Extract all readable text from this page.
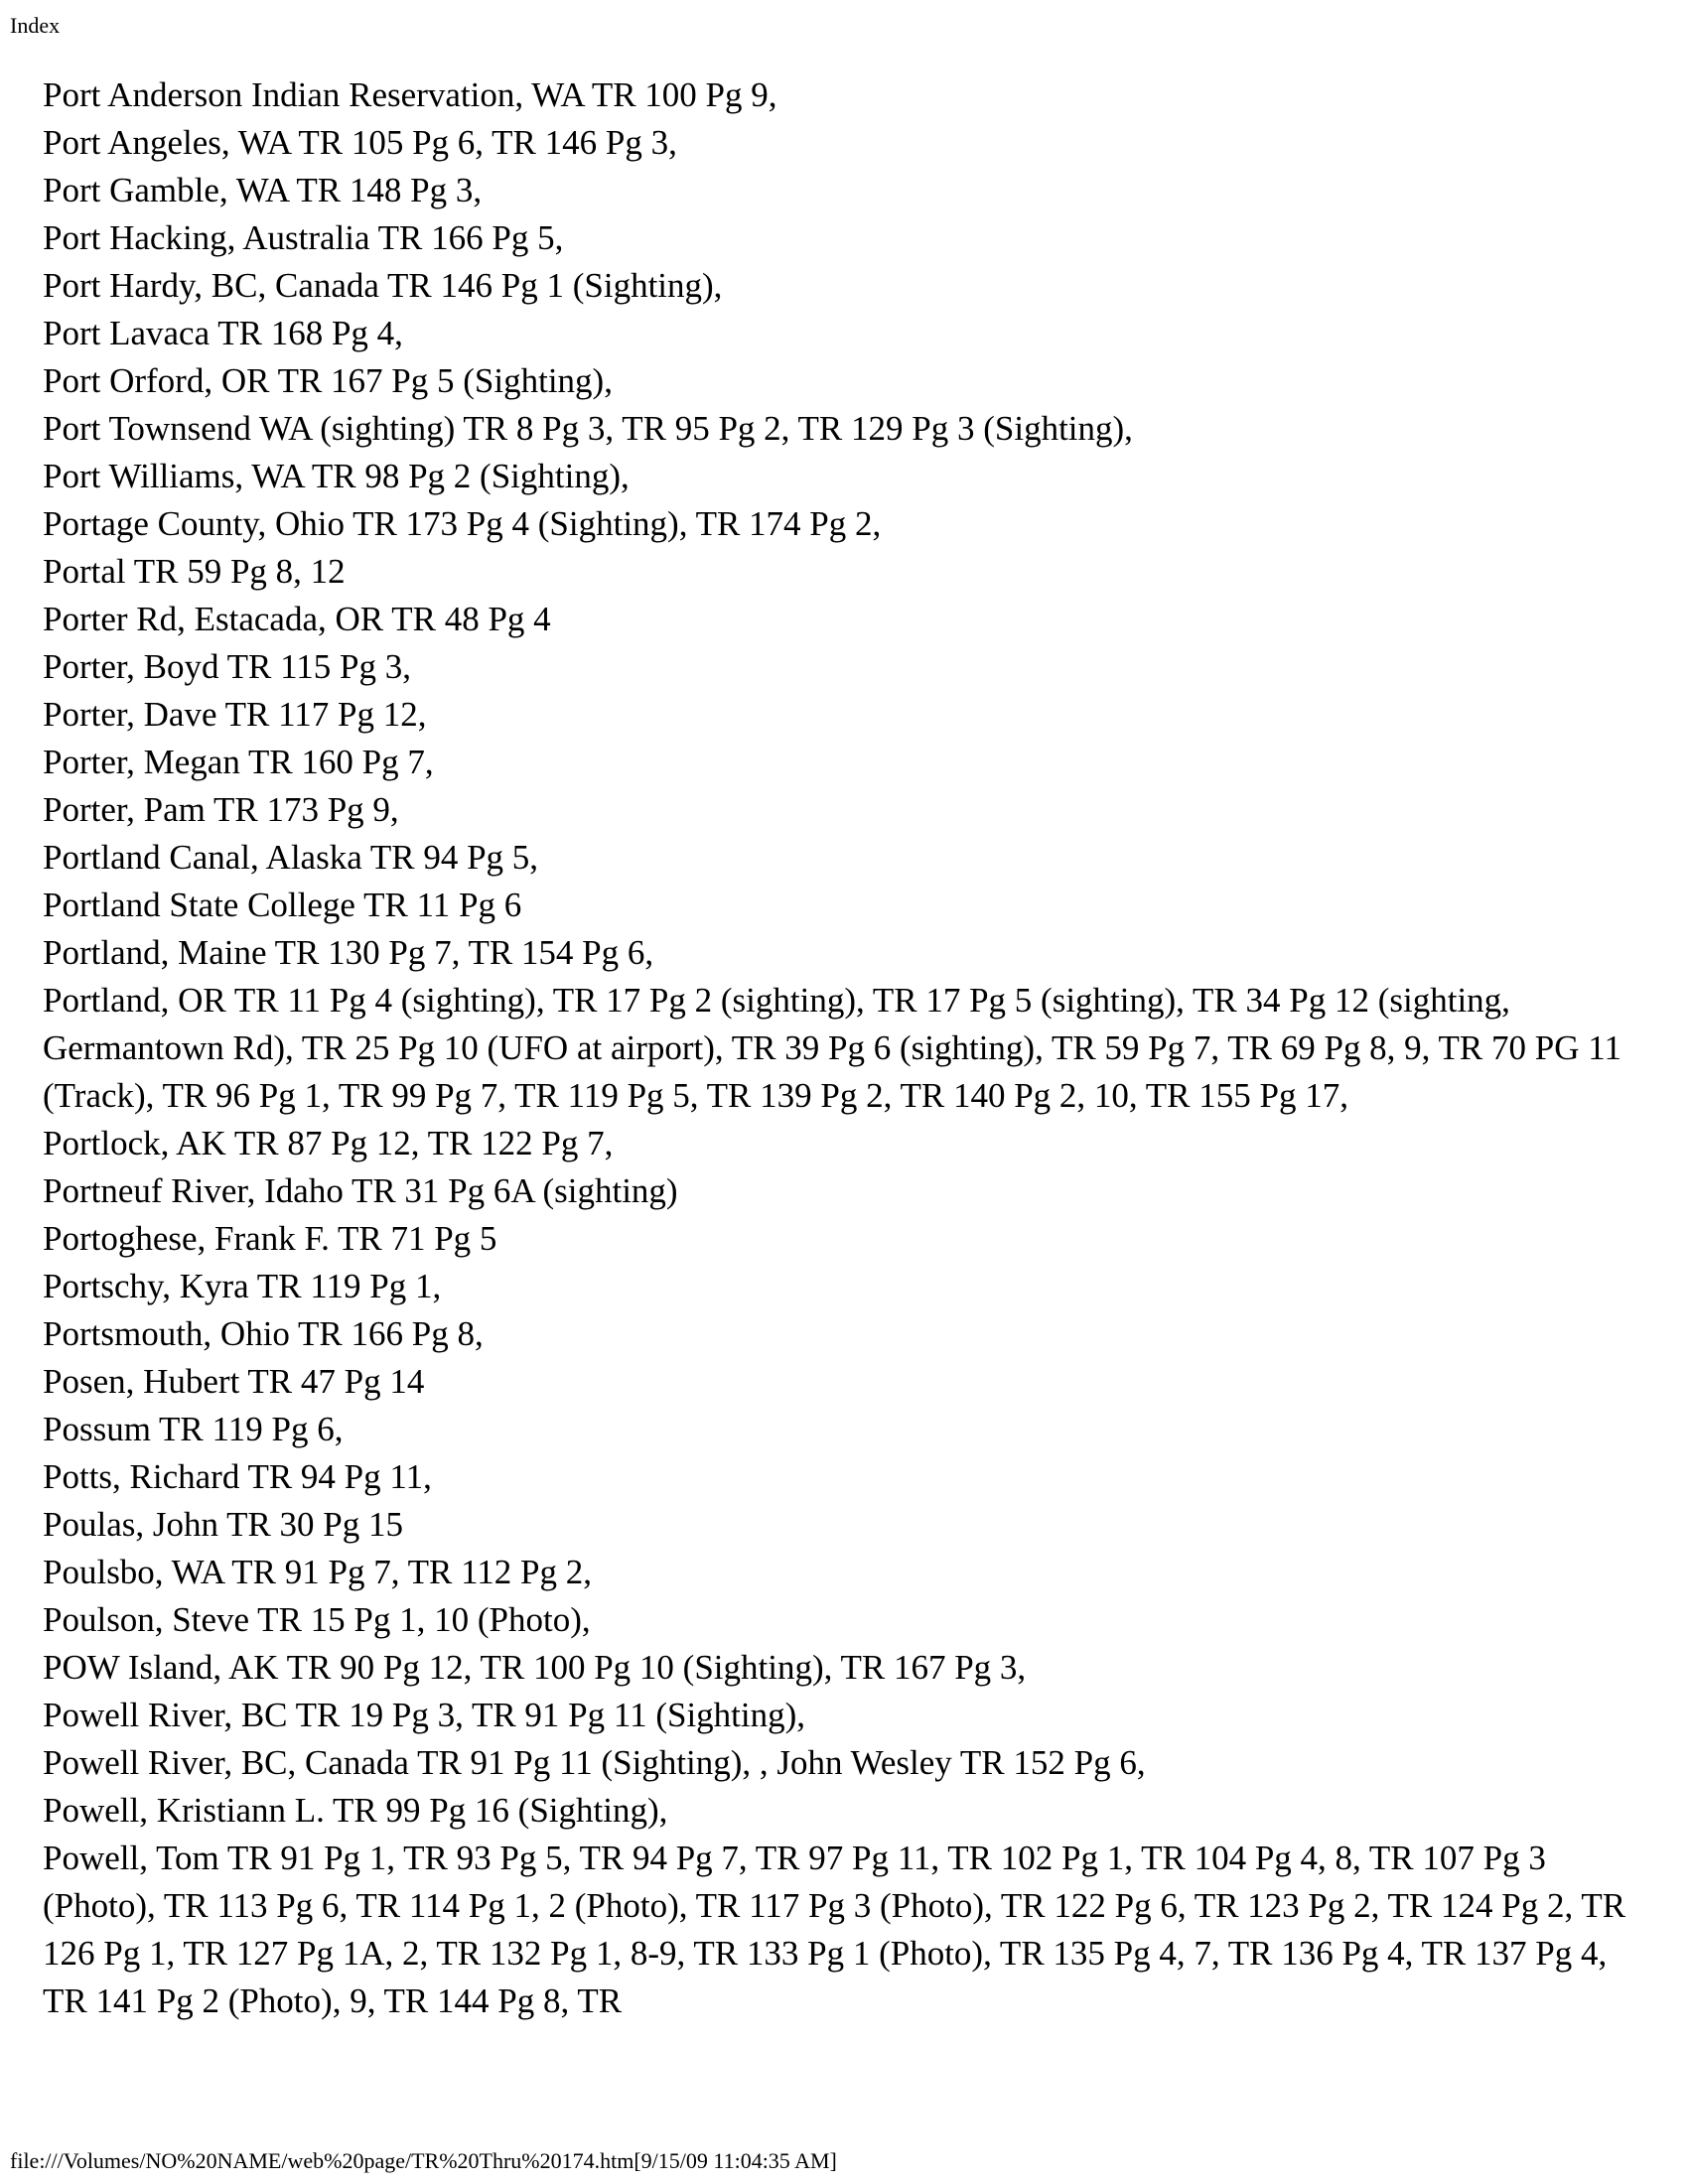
Index
Port Anderson Indian Reservation, WA TR 100 Pg 9,
Port Angeles, WA TR 105 Pg 6, TR 146 Pg 3,
Port Gamble, WA TR 148 Pg 3,
Port Hacking, Australia TR 166 Pg 5,
Port Hardy, BC, Canada TR 146 Pg 1 (Sighting),
Port Lavaca TR 168 Pg 4,
Port Orford, OR TR 167 Pg 5 (Sighting),
Port Townsend WA (sighting) TR 8 Pg 3, TR 95 Pg 2, TR 129 Pg 3 (Sighting),
Port Williams, WA TR 98 Pg 2 (Sighting),
Portage County, Ohio TR 173 Pg 4 (Sighting), TR 174 Pg 2,
Portal TR 59 Pg 8, 12
Porter Rd, Estacada, OR TR 48 Pg 4
Porter, Boyd TR 115 Pg 3,
Porter, Dave TR 117 Pg 12,
Porter, Megan TR 160 Pg 7,
Porter, Pam TR 173 Pg 9,
Portland Canal, Alaska TR 94 Pg 5,
Portland State College TR 11 Pg 6
Portland, Maine TR 130 Pg 7, TR 154 Pg 6,
Portland, OR TR 11 Pg 4 (sighting), TR 17 Pg 2 (sighting), TR 17 Pg 5 (sighting), TR 34 Pg 12 (sighting, Germantown Rd), TR 25 Pg 10 (UFO at airport), TR 39 Pg 6 (sighting), TR 59 Pg 7, TR 69 Pg 8, 9, TR 70 PG 11 (Track), TR 96 Pg 1, TR 99 Pg 7, TR 119 Pg 5, TR 139 Pg 2, TR 140 Pg 2, 10, TR 155 Pg 17,
Portlock, AK TR 87 Pg 12, TR 122 Pg 7,
Portneuf River, Idaho TR 31 Pg 6A (sighting)
Portoghese, Frank F. TR 71 Pg 5
Portschy, Kyra TR 119 Pg 1,
Portsmouth, Ohio TR 166 Pg 8,
Posen, Hubert TR 47 Pg 14
Possum TR 119 Pg 6,
Potts, Richard TR 94 Pg 11,
Poulas, John TR 30 Pg 15
Poulsbo, WA TR 91 Pg 7, TR 112 Pg 2,
Poulson, Steve TR 15 Pg 1, 10 (Photo),
POW Island, AK TR 90 Pg 12, TR 100 Pg 10 (Sighting), TR 167 Pg 3,
Powell River, BC TR 19 Pg 3, TR 91 Pg 11 (Sighting),
Powell River, BC, Canada TR 91 Pg 11 (Sighting), , John Wesley TR 152 Pg 6,
Powell, Kristiann L. TR 99 Pg 16 (Sighting),
Powell, Tom TR 91 Pg 1, TR 93 Pg 5, TR 94 Pg 7, TR 97 Pg 11, TR 102 Pg 1, TR 104 Pg 4, 8, TR 107 Pg 3 (Photo), TR 113 Pg 6, TR 114 Pg 1, 2 (Photo), TR 117 Pg 3 (Photo), TR 122 Pg 6, TR 123 Pg 2, TR 124 Pg 2, TR 126 Pg 1, TR 127 Pg 1A, 2, TR 132 Pg 1, 8-9, TR 133 Pg 1 (Photo), TR 135 Pg 4, 7, TR 136 Pg 4, TR 137 Pg 4, TR 141 Pg 2 (Photo), 9, TR 144 Pg 8, TR
file:///Volumes/NO%20NAME/web%20page/TR%20Thru%20174.htm[9/15/09 11:04:35 AM]
